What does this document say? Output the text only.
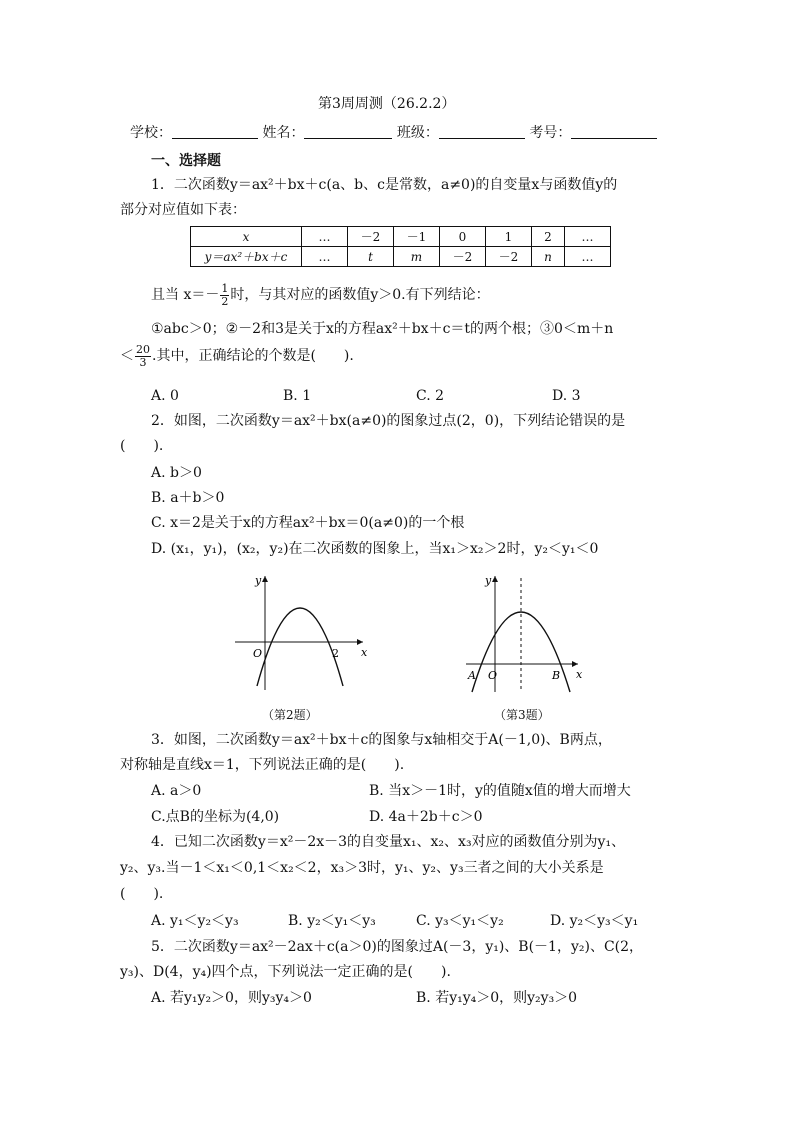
第3周周测（26.2.2）
学校：	姓名：	班级：	考号：
一、选择题
1．二次函数y＝ax²＋bx＋c(a、b、c是常数，a≠0)的自变量x与函数值y的
部分对应值如下表：
x	…	－2	－1	0	1	2	…
y＝ax²＋bx＋c	…	t	m	－2	－2	n	…
且当 $x=- \frac{1}{2}$ 时，与其对应的函数值y＞0.有下列结论：
①abc＞0；②－2和3是关于x的方程ax²＋bx＋c＝t的两个根；③0＜m＋n
＜ $\frac{20}{3}$ .其中，正确结论的个数是(　　).
A. 0	B. 1	C. 2	D. 3
2．如图，二次函数y＝ax²＋bx(a≠0)的图象过点(2，0)，下列结论错误的是
(　　).
A. b＞0
B. a＋b＞0
C. x＝2是关于x的方程ax²＋bx＝0(a≠0)的一个根
D. (x₁，y₁)，(x₂，y₂)在二次函数的图象上，当x₁＞x₂＞2时，y₂＜y₁＜0
y
x
O	2
（第2题）
y
x
A O	B
（第3题）
3．如图，二次函数y＝ax²＋bx＋c的图象与x轴相交于A(－1,0)、B两点，
对称轴是直线x＝1，下列说法正确的是(　　).
A. a＞0	B. 当x＞－1时，y的值随x值的增大而增大
C.点B的坐标为(4,0)	D. 4a＋2b＋c＞0
4．已知二次函数y＝x²－2x－3的自变量x₁、x₂、x₃对应的函数值分别为y₁、
y₂、y₃.当－1＜x₁＜0,1＜x₂＜2，x₃＞3时，y₁、y₂、y₃三者之间的大小关系是
(　　).
A. y₁＜y₂＜y₃	B. y₂＜y₁＜y₃	C. y₃＜y₁＜y₂	D. y₂＜y₃＜y₁
5．二次函数y＝ax²－2ax＋c(a＞0)的图象过A(－3，y₁)、B(－1，y₂)、C(2，
y₃)、D(4，y₄)四个点，下列说法一定正确的是(　　).
A. 若y₁y₂＞0，则y₃y₄＞0	B. 若y₁y₄＞0，则y₂y₃＞0
